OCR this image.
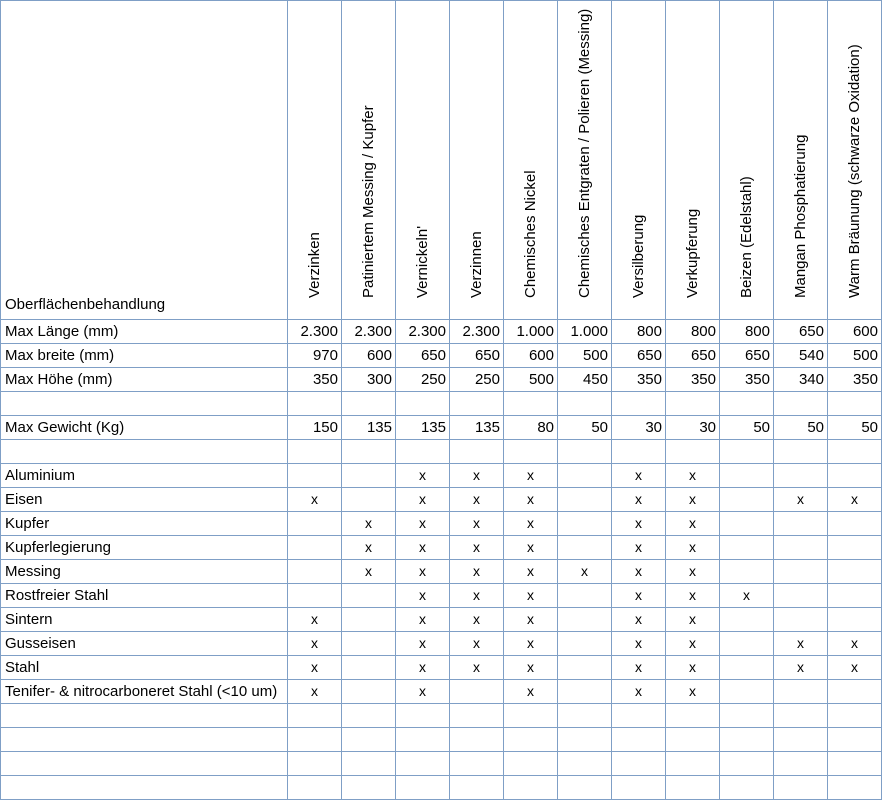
Oberflächenbehandlung	Verzinken	Patiniertem Messing / Kupfer	Vernickeln'	Verzinnen	Chemisches Nickel	Chemisches Entgraten / Polieren (Messing)	Versilberung	Verkupferung	Beizen (Edelstahl)	Mangan Phosphatierung	Warm Bräunung (schwarze Oxidation)

Max Länge (mm)	2.300	2.300	2.300	2.300	1.000	1.000	800	800	800	650	600
Max breite (mm)	970	600	650	650	600	500	650	650	650	540	500
Max Höhe (mm)	350	300	250	250	500	450	350	350	350	340	350

Max Gewicht (Kg)	150	135	135	135	80	50	30	30	50	50	50

Aluminium			x	x	x		x	x			
Eisen	x		x	x	x		x	x		x	x
Kupfer		x	x	x	x		x	x			
Kupferlegierung		x	x	x	x		x	x			
Messing		x	x	x	x	x	x	x			
Rostfreier Stahl			x	x	x		x	x	x		
Sintern	x		x	x	x		x	x			
Gusseisen	x		x	x	x		x	x		x	x
Stahl	x		x	x	x		x	x		x	x
Tenifer- & nitrocarboneret Stahl (<10 um)	x		x		x		x	x			
